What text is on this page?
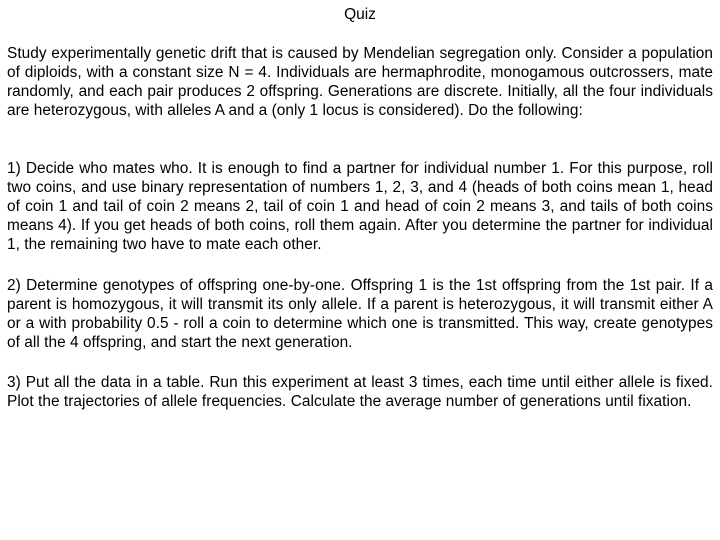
Quiz

Study experimentally genetic drift that is caused by Mendelian segregation only. Consider a population of diploids, with a constant size N = 4. Individuals are hermaphrodite, monogamous outcrossers, mate randomly, and each pair produces 2 offspring. Generations are discrete. Initially, all the four individuals are heterozygous, with alleles A and a (only 1 locus is considered). Do the following:

1) Decide who mates who. It is enough to find a partner for individual number 1. For this purpose, roll two coins, and use binary representation of numbers 1, 2, 3, and 4 (heads of both coins mean 1, head of coin 1 and tail of coin 2 means 2, tail of coin 1 and head of coin 2 means 3, and tails of both coins means 4). If you get heads of both coins, roll them again. After you determine the partner for individual 1, the remaining two have to mate each other.

2) Determine genotypes of offspring one-by-one. Offspring 1 is the 1st offspring from the 1st pair. If a parent is homozygous, it will transmit its only allele. If a parent is heterozygous, it will transmit either A or a with probability 0.5 - roll a coin to determine which one is transmitted. This way, create genotypes of all the 4 offspring, and start the next generation.

3) Put all the data in a table. Run this experiment at least 3 times, each time until either allele is fixed. Plot the trajectories of allele frequencies. Calculate the average number of generations until fixation.
